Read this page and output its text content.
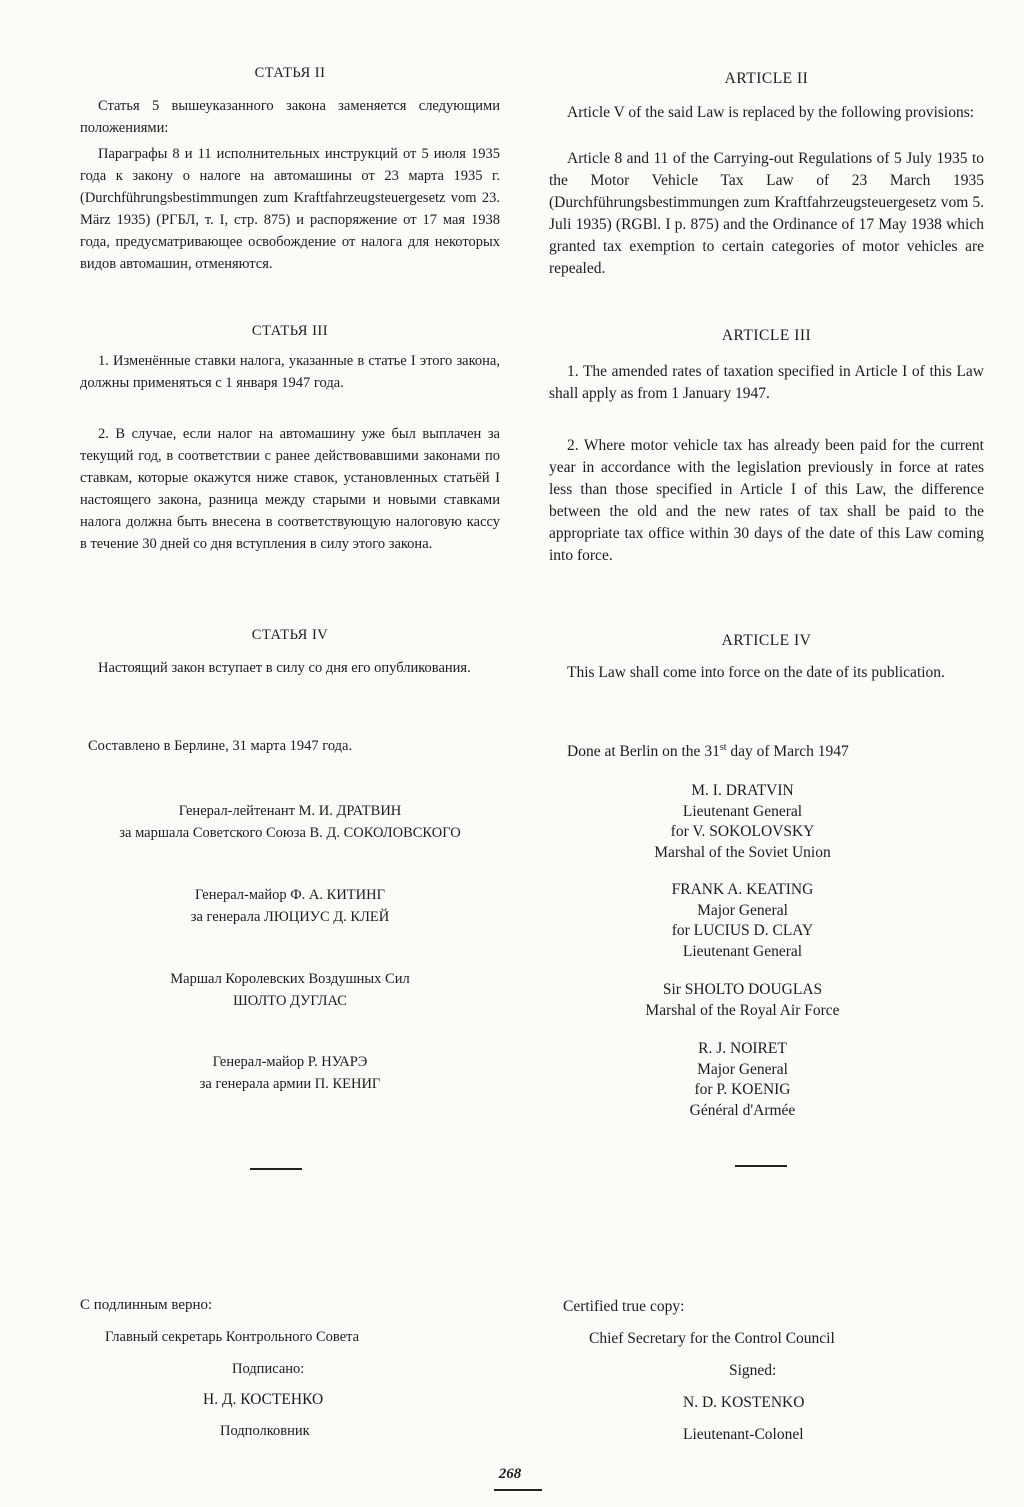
СТАТЬЯ II

Статья 5 вышеуказанного закона заменяется следующими положениями:

Параграфы 8 и 11 исполнительных инструкций от 5 июля 1935 года к закону о налоге на автомашины от 23 марта 1935 г. (Durchführungsbestimmungen zum Kraftfahrzeugsteuergesetz vom 23. März 1935) (РГБЛ, т. I, стр. 875) и распоряжение от 17 мая 1938 года, предусматривающее освобождение от налога для некоторых видов автомашин, отменяются.

СТАТЬЯ III

1. Изменённые ставки налога, указанные в статье I этого закона, должны применяться с 1 января 1947 года.

2. В случае, если налог на автомашину уже был выплачен за текущий год, в соответствии с ранее действовавшими законами по ставкам, которые окажутся ниже ставок, установленных статьёй I настоящего закона, разница между старыми и новыми ставками налога должна быть внесена в соответствующую налоговую кассу в течение 30 дней со дня вступления в силу этого закона.

СТАТЬЯ IV

Настоящий закон вступает в силу со дня его опубликования.

Составлено в Берлине, 31 марта 1947 года.

Генерал-лейтенант М. И. ДРАТВИН

за маршала Советского Союза В. Д. СОКОЛОВСКОГО

Генерал-майор Ф. А. КИТИНГ

за генерала ЛЮЦИУС Д. КЛЕЙ

Маршал Королевских Воздушных Сил

ШОЛТО ДУГЛАС

Генерал-майор Р. НУАРЭ

за генерала армии П. КЕНИГ

ARTICLE II

Article V of the said Law is replaced by the following provisions:

Article 8 and 11 of the Carrying-out Regulations of 5 July 1935 to the Motor Vehicle Tax Law of 23 March 1935 (Durchführungsbestimmungen zum Kraftfahrzeugsteuergesetz vom 5. Juli 1935) (RGBl. I p. 875) and the Ordinance of 17 May 1938 which granted tax exemption to certain categories of motor vehicles are repealed.

ARTICLE III

1. The amended rates of taxation specified in Article I of this Law shall apply as from 1 January 1947.

2. Where motor vehicle tax has already been paid for the current year in accordance with the legislation previously in force at rates less than those specified in Article I of this Law, the difference between the old and the new rates of tax shall be paid to the appropriate tax office within 30 days of the date of this Law coming into force.

ARTICLE IV

This Law shall come into force on the date of its publication.

Done at Berlin on the 31st day of March 1947

M. I. DRATVIN

Lieutenant General

for V. SOKOLOVSKY

Marshal of the Soviet Union

FRANK A. KEATING

Major General

for LUCIUS D. CLAY

Lieutenant General

Sir SHOLTO DOUGLAS

Marshal of the Royal Air Force

R. J. NOIRET

Major General

for P. KOENIG

Général d'Armée

С подлинным верно:

Главный секретарь Контрольного Совета

Подписано:

Н. Д. КОСТЕНКО

Подполковник

Certified true copy:

Chief Secretary for the Control Council

Signed:

N. D. KOSTENKO

Lieutenant-Colonel

268
